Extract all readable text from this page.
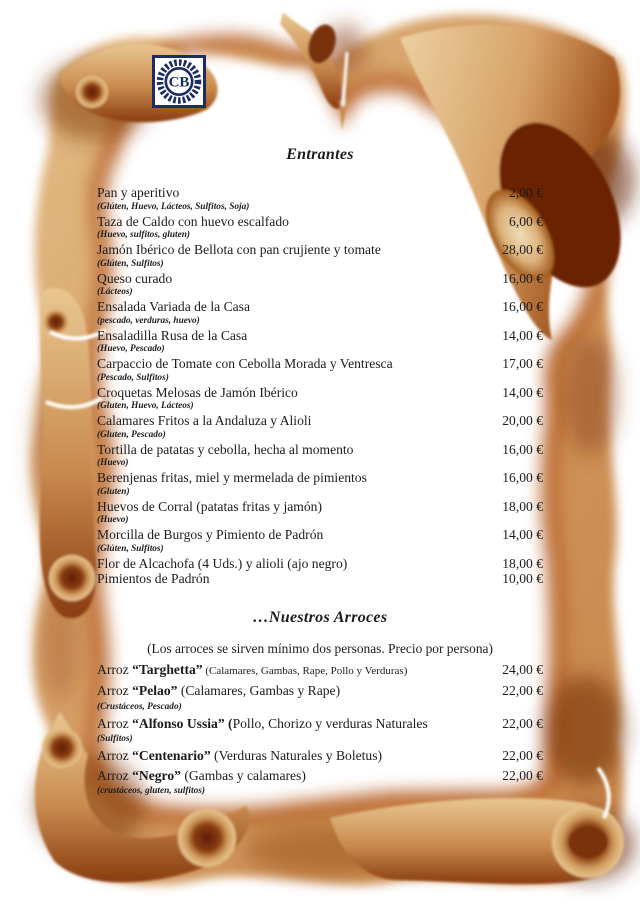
CB
Entrantes
Pan y aperitivo	2,00 €
(Glúten, Huevo, Lácteos, Sulfitos, Soja)
Taza de Caldo con huevo escalfado	6,00 €
(Huevo, sulfitos, gluten)
Jamón Ibérico de Bellota con pan crujiente y tomate	28,00 €
(Glúten, Sulfitos)
Queso curado	16,00 €
(Lácteos)
Ensalada Variada de la Casa	16,00 €
(pescado, verduras, huevo)
Ensaladilla Rusa de la Casa	14,00 €
(Huevo, Pescado)
Carpaccio de Tomate con Cebolla Morada y Ventresca	17,00 €
(Pescado, Sulfitos)
Croquetas Melosas de Jamón Ibérico	14,00 €
(Gluten, Huevo, Lácteos)
Calamares Fritos a la Andaluza y Alioli	20,00 €
(Gluten, Pescado)
Tortilla de patatas y cebolla, hecha al momento	16,00 €
(Huevo)
Berenjenas fritas, miel y mermelada de pimientos	16,00 €
(Gluten)
Huevos de Corral (patatas fritas y jamón)	18,00 €
(Huevo)
Morcilla de Burgos y Pimiento de Padrón	14,00 €
(Glúten, Sulfitos)
Flor de Alcachofa (4 Uds.) y alioli (ajo negro)	18,00 €
Pimientos de Padrón	10,00 €
…Nuestros Arroces
(Los arroces se sirven mínimo dos personas. Precio por persona)
Arroz “Targhetta” (Calamares, Gambas, Rape, Pollo y Verduras)	24,00 €
Arroz “Pelao” (Calamares, Gambas y Rape)	22,00 €
(Crustáceos, Pescado)
Arroz “Alfonso Ussia” (Pollo, Chorizo y verduras Naturales	22,00 €
(Sulfitos)
Arroz “Centenario” (Verduras Naturales y Boletus)	22,00 €
Arroz “Negro” (Gambas y calamares)	22,00 €
(crustáceos, gluten, sulfitos)
